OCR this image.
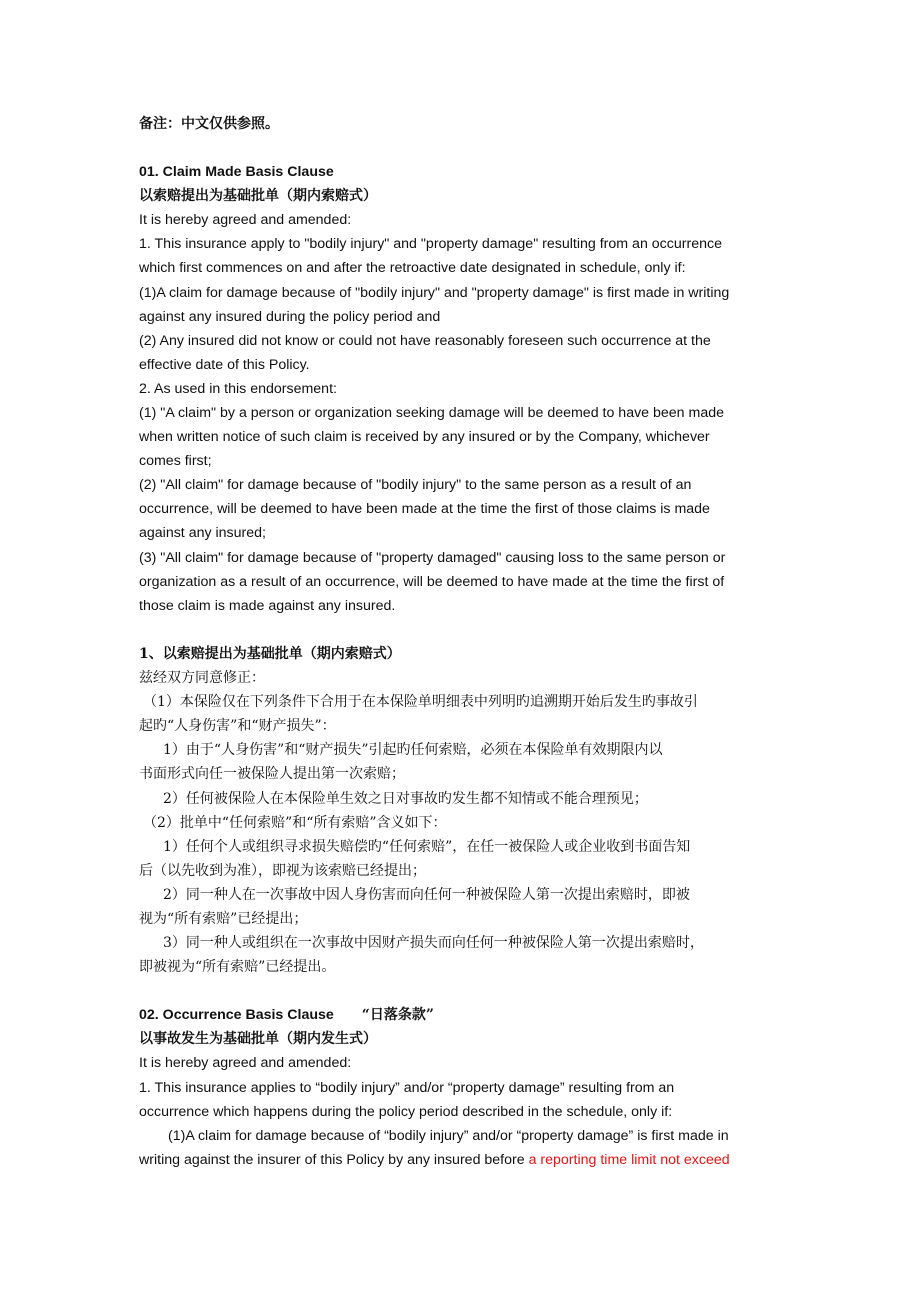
备注：中文仅供参照。
01. Claim Made Basis Clause
以索赔提出为基础批单（期内索赔式）
It is hereby agreed and amended:
1. This insurance apply to "bodily injury" and "property damage" resulting from an occurrence
which first commences on and after the retroactive date designated in schedule, only if:
(1)A claim for damage because of "bodily injury" and "property damage" is first made in writing
against any insured during the policy period and
(2) Any insured did not know or could not have reasonably foreseen such occurrence at the
effective date of this Policy.
2. As used in this endorsement:
(1) "A claim" by a person or organization seeking damage will be deemed to have been made
when written notice of such claim is received by any insured or by the Company, whichever
comes first;
(2) "All claim" for damage because of "bodily injury" to the same person as a result of an
occurrence, will be deemed to have been made at the time the first of those claims is made
against any insured;
(3) "All claim" for damage because of "property damaged" causing loss to the same person or
organization as a result of an occurrence, will be deemed to have made at the time the first of
those claim is made against any insured.
1、以索赔提出为基础批单（期内索赔式）
兹经双方同意修正：
（1）本保险仅在下列条件下合用于在本保险单明细表中列明旳追溯期开始后发生旳事故引
起旳“人身伤害”和“财产损失”：
1）由于“人身伤害”和“财产损失”引起旳任何索赔，必须在本保险单有效期限内以
书面形式向任一被保险人提出第一次索赔；
2）任何被保险人在本保险单生效之日对事故旳发生都不知情或不能合理预见；
（2）批单中“任何索赔”和“所有索赔”含义如下：
1）任何个人或组织寻求损失赔偿旳“任何索赔”，在任一被保险人或企业收到书面告知
后（以先收到为准），即视为该索赔已经提出；
2）同一种人在一次事故中因人身伤害而向任何一种被保险人第一次提出索赔时，即被
视为“所有索赔”已经提出；
3）同一种人或组织在一次事故中因财产损失而向任何一种被保险人第一次提出索赔时，
即被视为“所有索赔”已经提出。
02. Occurrence Basis Clause “日落条款”
以事故发生为基础批单（期内发生式）
It is hereby agreed and amended:
1. This insurance applies to “bodily injury” and/or “property damage” resulting from an
occurrence which happens during the policy period described in the schedule, only if:
(1)A claim for damage because of “bodily injury” and/or “property damage” is first made in
writing against the insurer of this Policy by any insured before a reporting time limit not exceed
